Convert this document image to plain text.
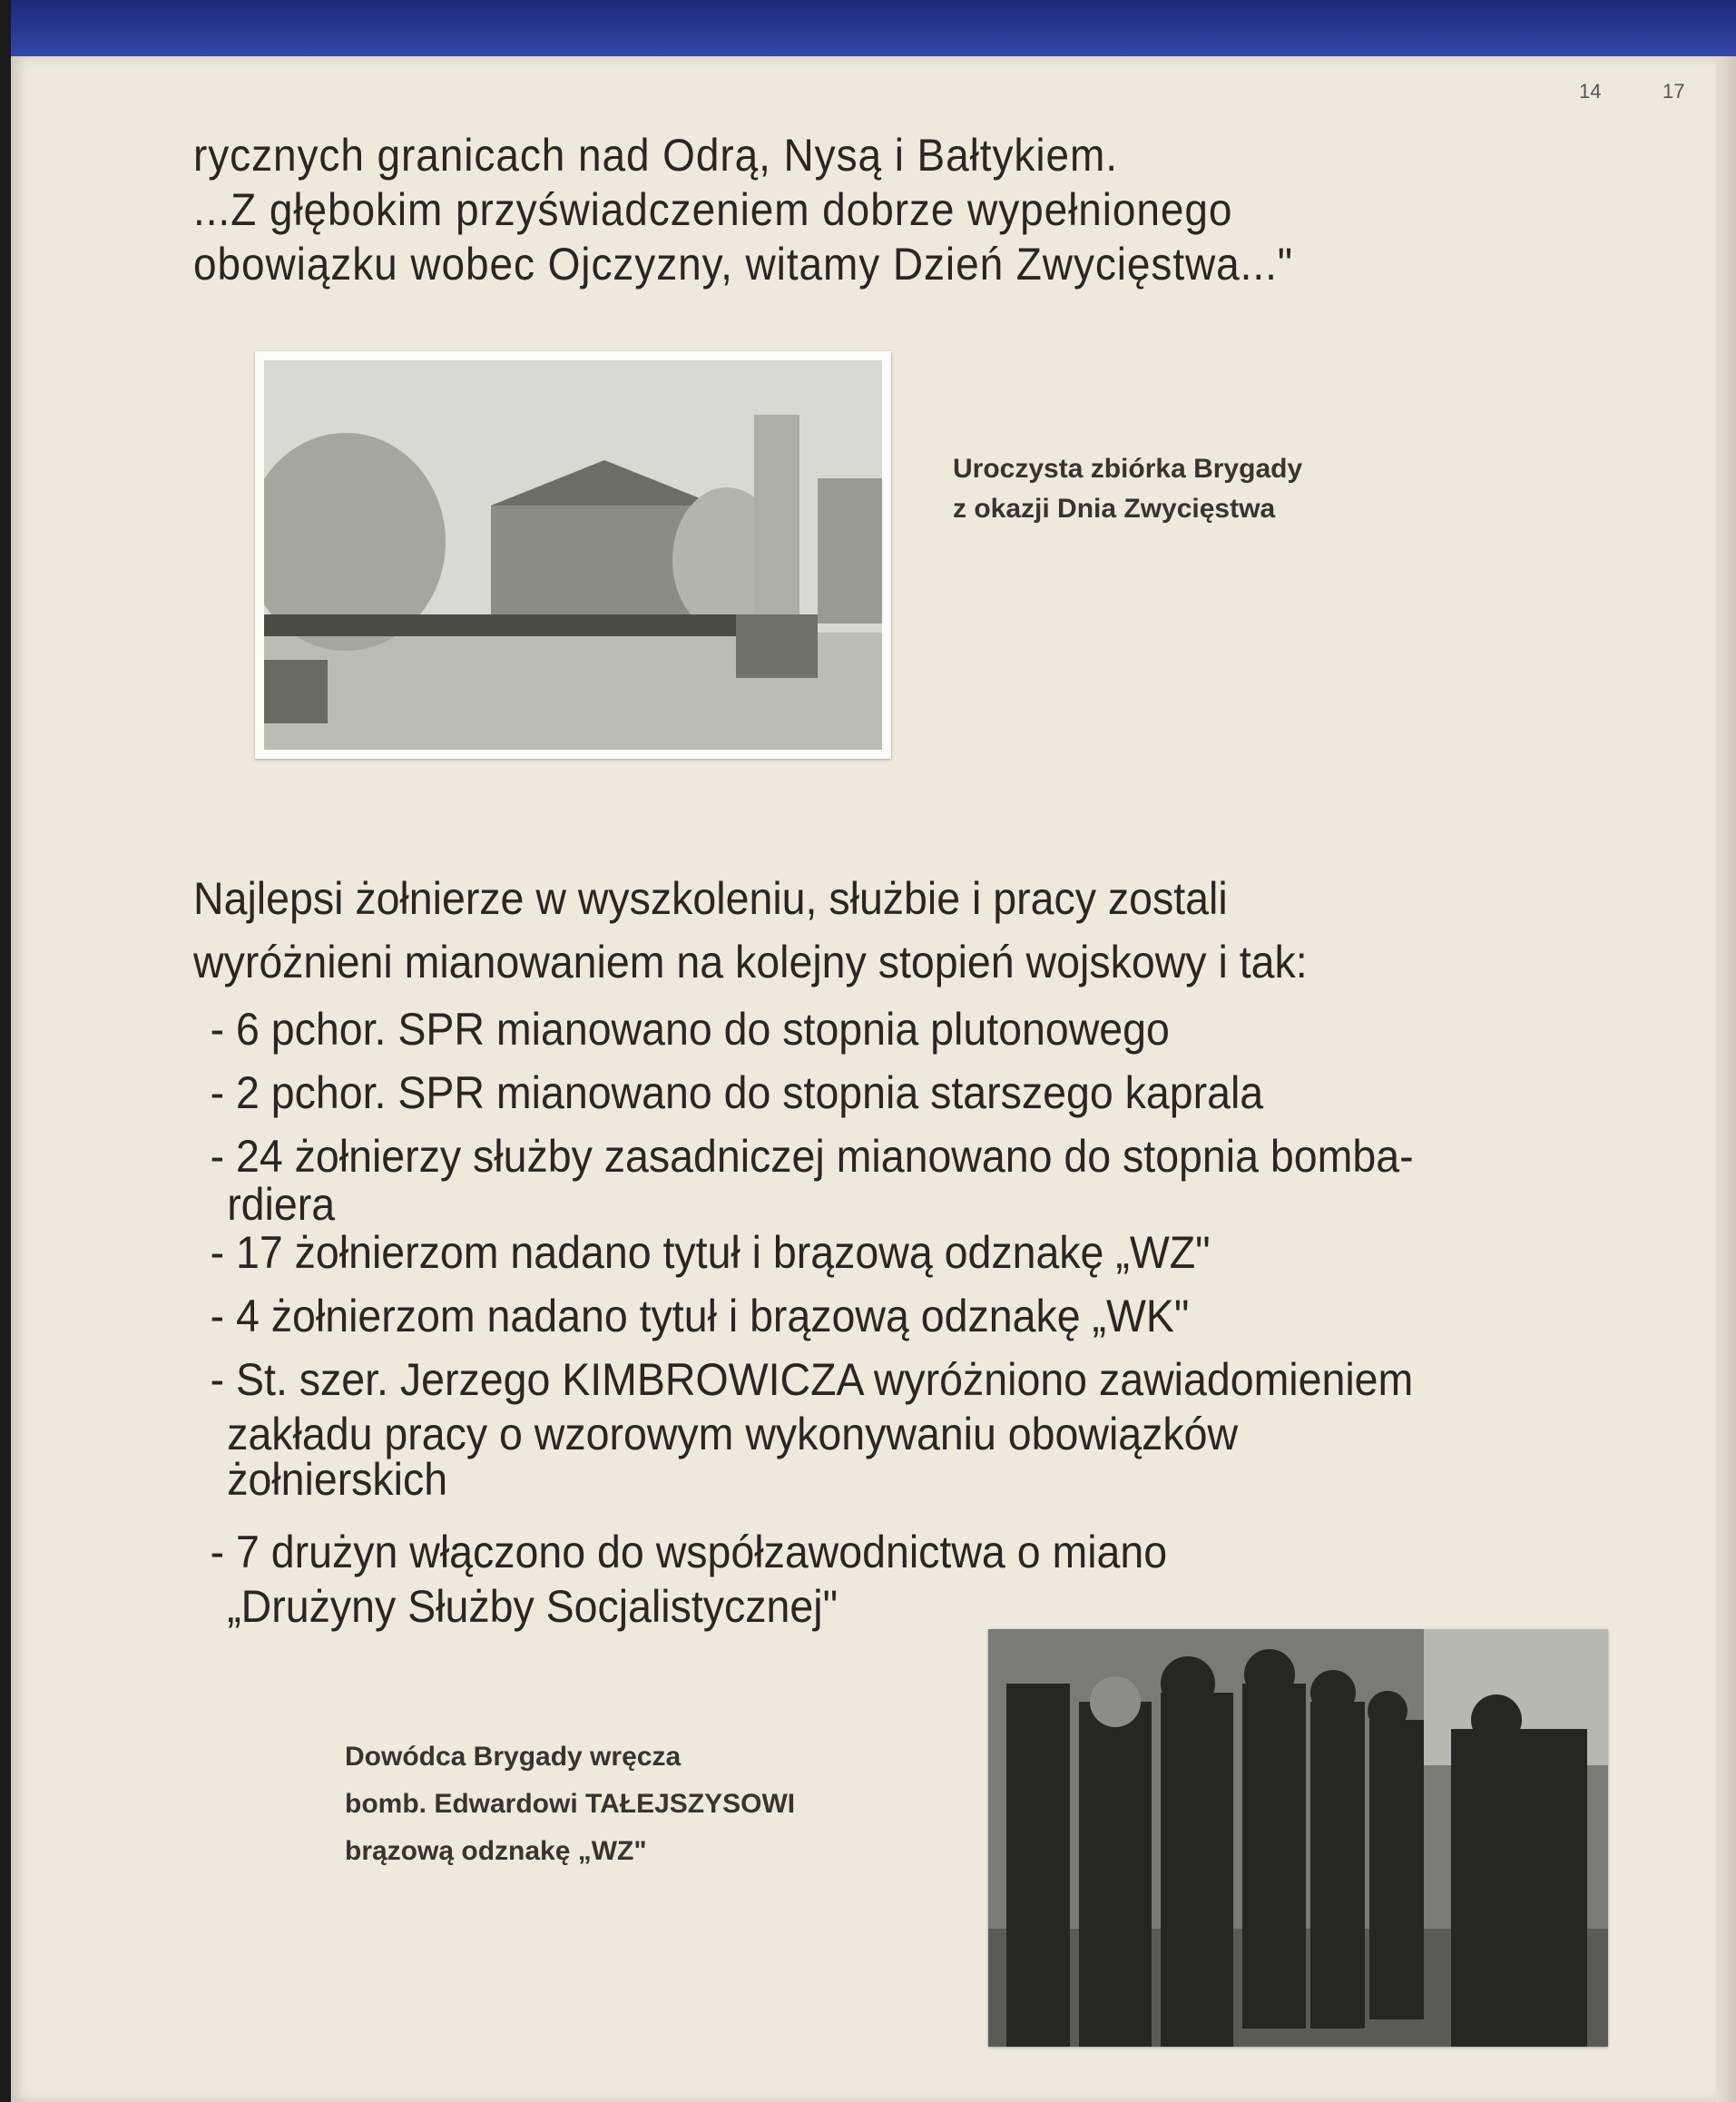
14	17
rycznych granicach nad Odrą, Nysą i Bałtykiem.
...Z głębokim przyświadczeniem dobrze wypełnionego
obowiązku wobec Ojczyzny, witamy Dzień Zwycięstwa..."
Uroczysta zbiórka Brygady
z okazji Dnia Zwycięstwa
Najlepsi żołnierze w wyszkoleniu, służbie i pracy zostali
wyróżnieni mianowaniem na kolejny stopień wojskowy i tak:
- 6 pchor. SPR mianowano do stopnia plutonowego
- 2 pchor. SPR mianowano do stopnia starszego kaprala
- 24 żołnierzy służby zasadniczej mianowano do stopnia bomba-
rdiera
- 17 żołnierzom nadano tytuł i brązową odznakę „WZ"
- 4 żołnierzom nadano tytuł i brązową odznakę „WK"
- St. szer. Jerzego KIMBROWICZA wyróżniono zawiadomieniem
zakładu pracy o wzorowym wykonywaniu obowiązków
żołnierskich
- 7 drużyn włączono do współzawodnictwa o miano
„Drużyny Służby Socjalistycznej"
Dowódca Brygady wręcza
bomb. Edwardowi TAŁEJSZYSOWI
brązową odznakę „WZ"
